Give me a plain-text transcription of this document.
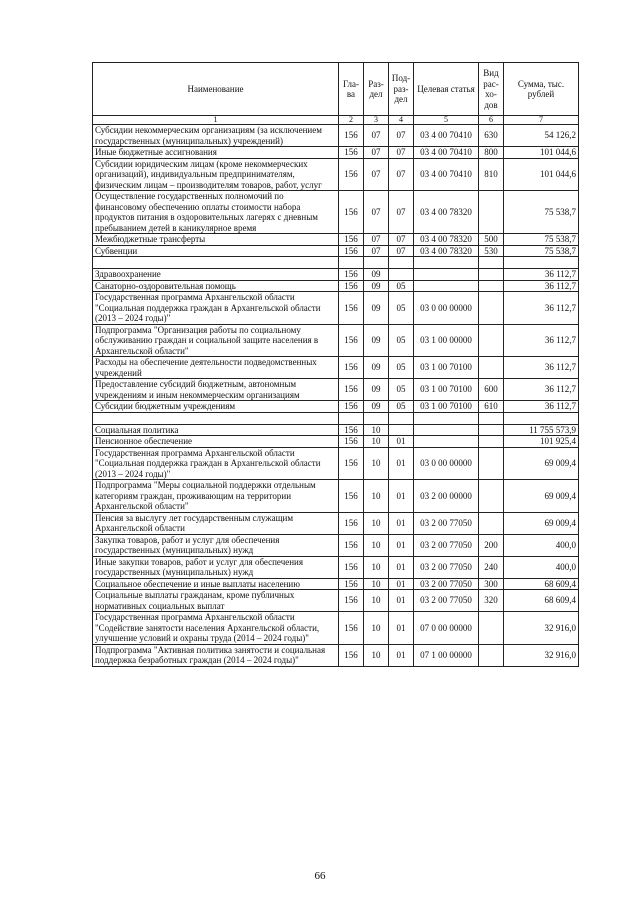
Наименование	Гла-ва	Раз-дел	Под-раз-дел	Целевая статья	Вид рас-хо-дов	Сумма, тыс. рублей
1	2	3	4	5	6	7
Субсидии некоммерческим организациям (за исключением государственных (муниципальных) учреждений)	156	07	07	03 4 00 70410	630	54 126,2
Иные бюджетные ассигнования	156	07	07	03 4 00 70410	800	101 044,6
Субсидии юридическим лицам (кроме некоммерческих организаций), индивидуальным предпринимателям, физическим лицам – производителям товаров, работ, услуг	156	07	07	03 4 00 70410	810	101 044,6
Осуществление государственных полномочий по финансовому обеспечению оплаты стоимости набора продуктов питания в оздоровительных лагерях с дневным пребыванием детей в каникулярное время	156	07	07	03 4 00 78320		75 538,7
Межбюджетные трансферты	156	07	07	03 4 00 78320	500	75 538,7
Субвенции	156	07	07	03 4 00 78320	530	75 538,7

Здравоохранение	156	09				36 112,7
Санаторно-оздоровительная помощь	156	09	05			36 112,7
Государственная программа Архангельской области "Социальная поддержка граждан в Архангельской области (2013 – 2024 годы)"	156	09	05	03 0 00 00000		36 112,7
Подпрограмма "Организация работы по социальному обслуживанию граждан и социальной защите населения в Архангельской области"	156	09	05	03 1 00 00000		36 112,7
Расходы на обеспечение деятельности подведомственных учреждений	156	09	05	03 1 00 70100		36 112,7
Предоставление субсидий бюджетным, автономным учреждениям и иным некоммерческим организациям	156	09	05	03 1 00 70100	600	36 112,7
Субсидии бюджетным учреждениям	156	09	05	03 1 00 70100	610	36 112,7

Социальная политика	156	10				11 755 573,9
Пенсионное обеспечение	156	10	01			101 925,4
Государственная программа Архангельской области "Социальная поддержка граждан в Архангельской области (2013 – 2024 годы)"	156	10	01	03 0 00 00000		69 009,4
Подпрограмма "Меры социальной поддержки отдельным категориям граждан, проживающим на территории Архангельской области"	156	10	01	03 2 00 00000		69 009,4
Пенсия за выслугу лет государственным служащим Архангельской области	156	10	01	03 2 00 77050		69 009,4
Закупка товаров, работ и услуг для обеспечения государственных (муниципальных) нужд	156	10	01	03 2 00 77050	200	400,0
Иные закупки товаров, работ и услуг для обеспечения государственных (муниципальных) нужд	156	10	01	03 2 00 77050	240	400,0
Социальное обеспечение и иные выплаты населению	156	10	01	03 2 00 77050	300	68 609,4
Социальные выплаты гражданам, кроме публичных нормативных социальных выплат	156	10	01	03 2 00 77050	320	68 609,4
Государственная программа Архангельской области "Содействие занятости населения Архангельской области, улучшение условий и охраны труда (2014 – 2024 годы)"	156	10	01	07 0 00 00000		32 916,0
Подпрограмма "Активная политика занятости и социальная поддержка безработных граждан (2014 – 2024 годы)"	156	10	01	07 1 00 00000		32 916,0
66
